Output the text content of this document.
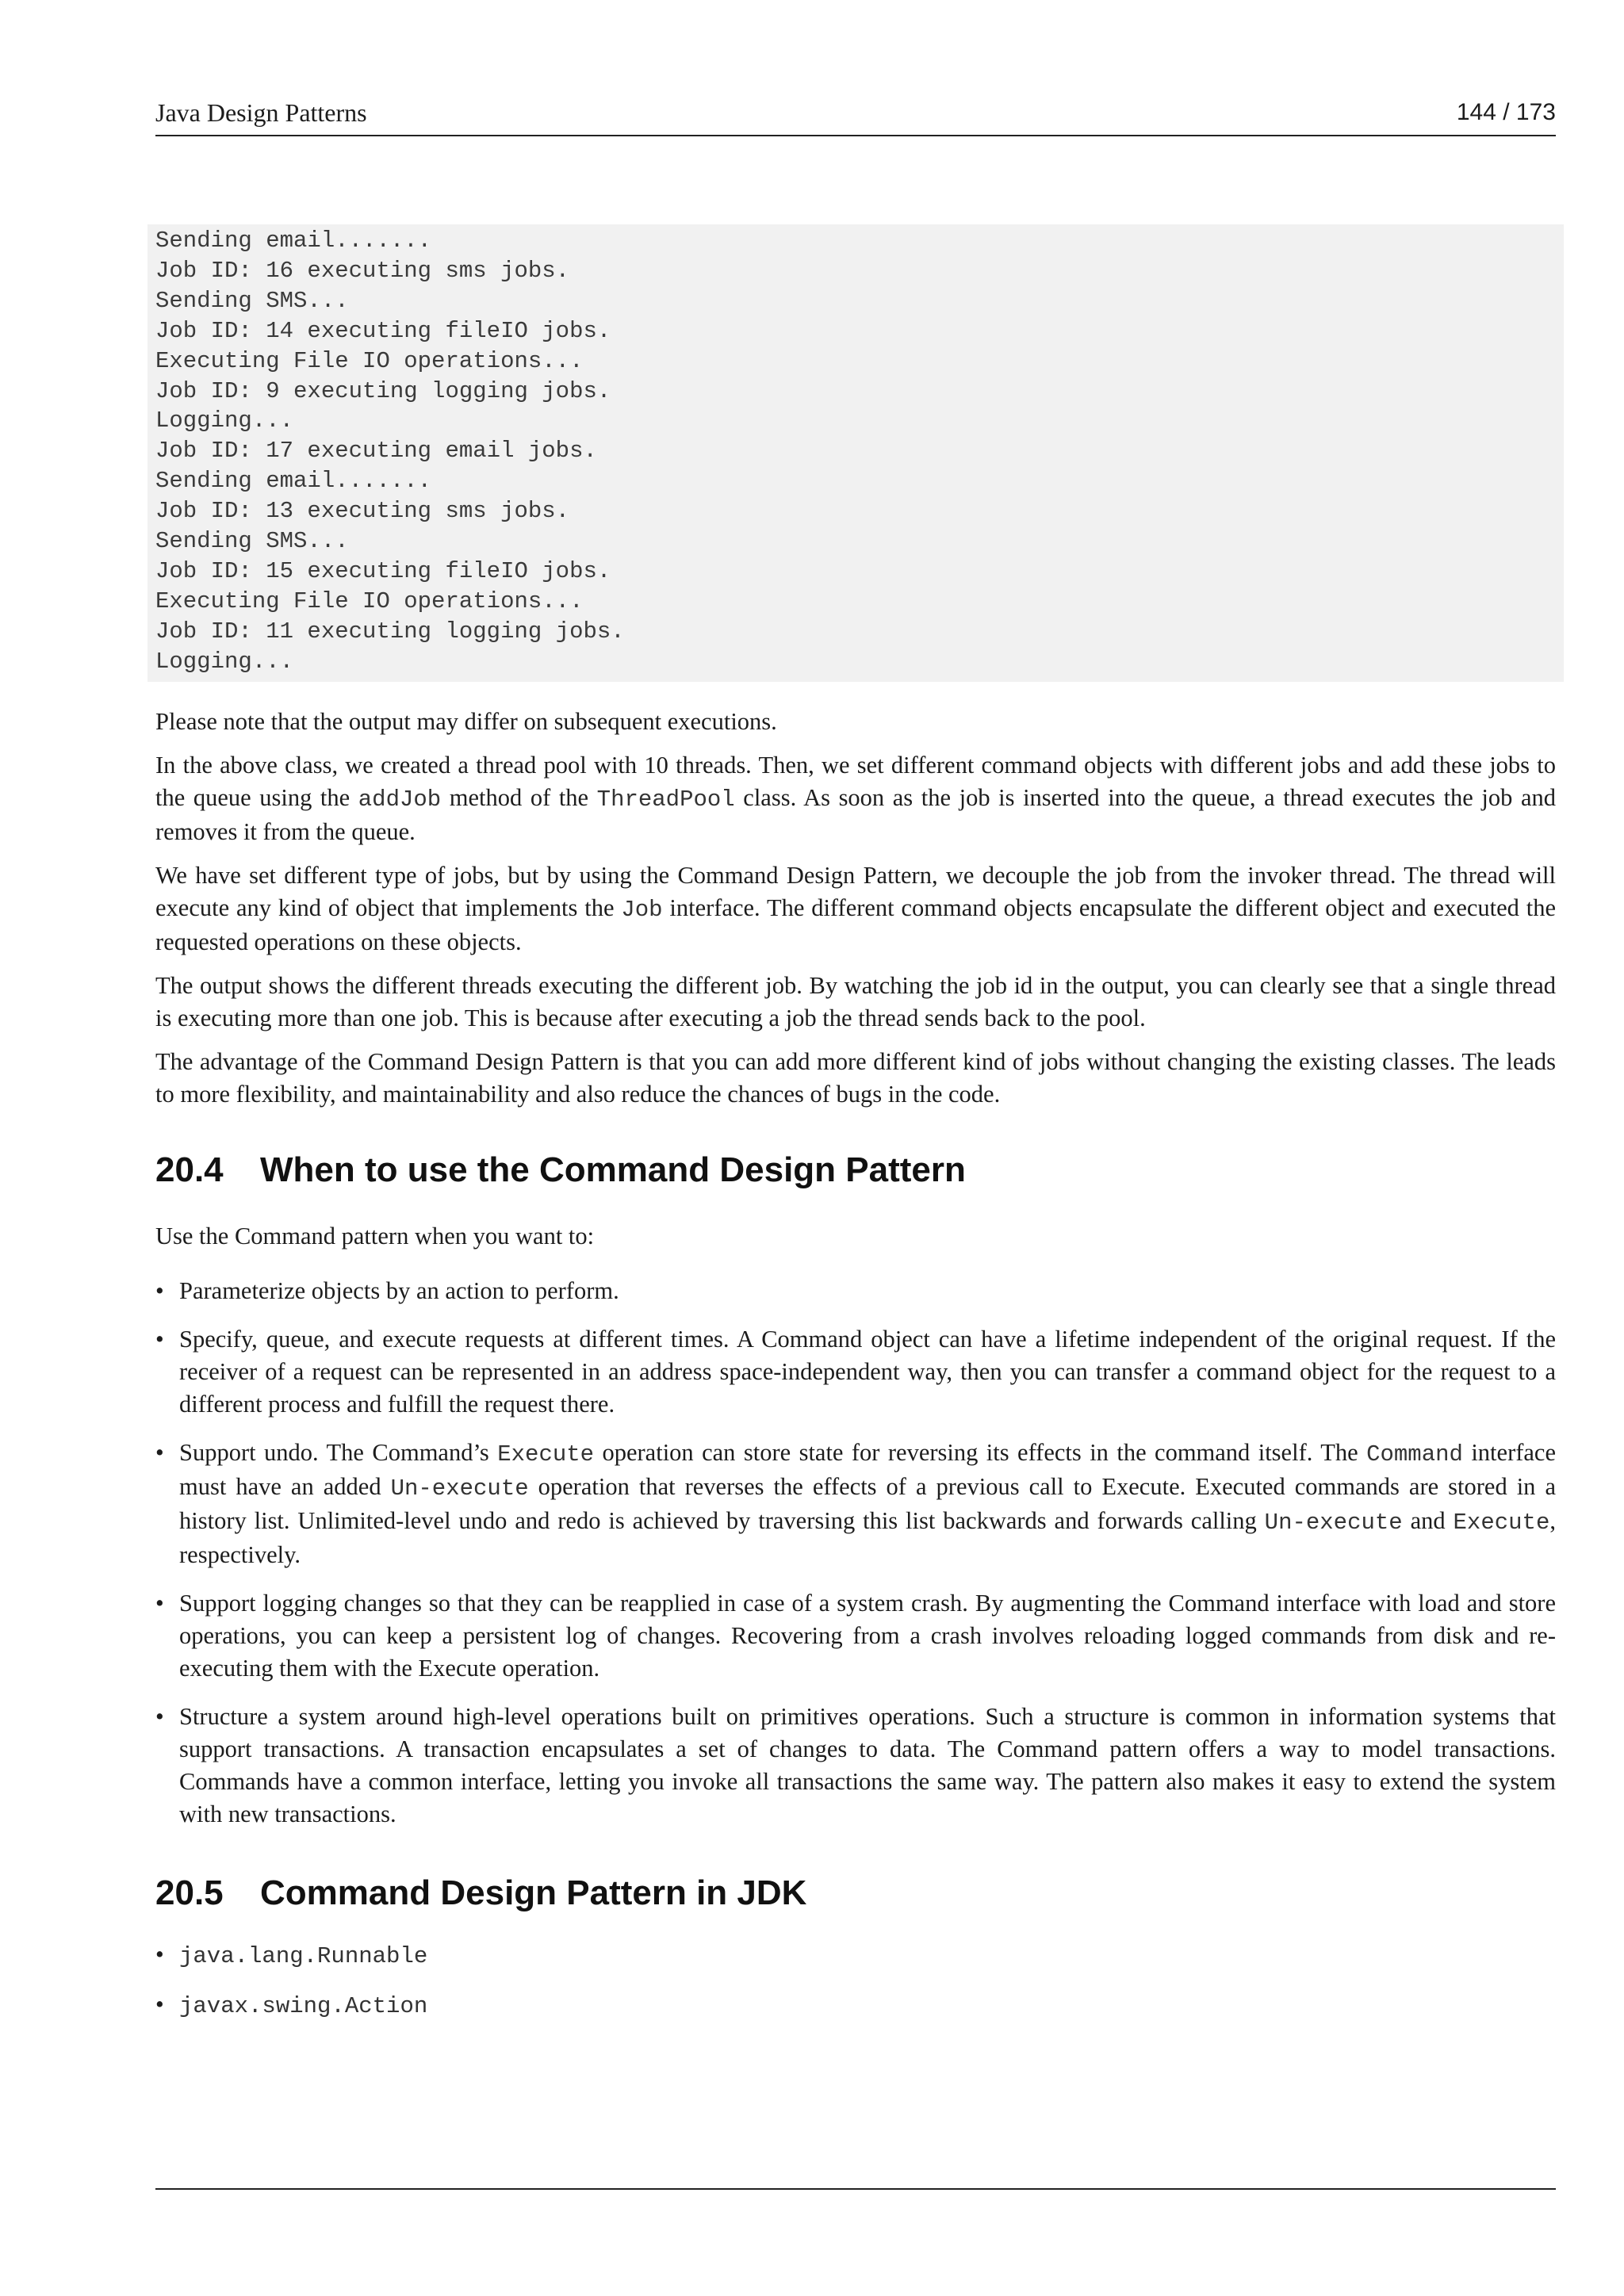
Java Design Patterns	144 / 173
Sending email.......
Job ID: 16 executing sms jobs.
Sending SMS...
Job ID: 14 executing fileIO jobs.
Executing File IO operations...
Job ID: 9 executing logging jobs.
Logging...
Job ID: 17 executing email jobs.
Sending email.......
Job ID: 13 executing sms jobs.
Sending SMS...
Job ID: 15 executing fileIO jobs.
Executing File IO operations...
Job ID: 11 executing logging jobs.
Logging...

Please note that the output may differ on subsequent executions.

In the above class, we created a thread pool with 10 threads. Then, we set different command objects with different jobs and add these jobs to the queue using the addJob method of the ThreadPool class. As soon as the job is inserted into the queue, a thread executes the job and removes it from the queue.

We have set different type of jobs, but by using the Command Design Pattern, we decouple the job from the invoker thread. The thread will execute any kind of object that implements the Job interface. The different command objects encapsulate the different object and executed the requested operations on these objects.

The output shows the different threads executing the different job. By watching the job id in the output, you can clearly see that a single thread is executing more than one job. This is because after executing a job the thread sends back to the pool.

The advantage of the Command Design Pattern is that you can add more different kind of jobs without changing the existing classes. The leads to more flexibility, and maintainability and also reduce the chances of bugs in the code.

20.4 When to use the Command Design Pattern

Use the Command pattern when you want to:

• Parameterize objects by an action to perform.
• Specify, queue, and execute requests at different times. A Command object can have a lifetime independent of the original request. If the receiver of a request can be represented in an address space-independent way, then you can transfer a command object for the request to a different process and fulfill the request there.
• Support undo. The Command’s Execute operation can store state for reversing its effects in the command itself. The Command interface must have an added Un-execute operation that reverses the effects of a previous call to Execute. Executed commands are stored in a history list. Unlimited-level undo and redo is achieved by traversing this list backwards and forwards calling Un-execute and Execute, respectively.
• Support logging changes so that they can be reapplied in case of a system crash. By augmenting the Command interface with load and store operations, you can keep a persistent log of changes. Recovering from a crash involves reloading logged commands from disk and re-executing them with the Execute operation.
• Structure a system around high-level operations built on primitives operations. Such a structure is common in information systems that support transactions. A transaction encapsulates a set of changes to data. The Command pattern offers a way to model transactions. Commands have a common interface, letting you invoke all transactions the same way. The pattern also makes it easy to extend the system with new transactions.
20.5 Command Design Pattern in JDK
• java.lang.Runnable
• javax.swing.Action
